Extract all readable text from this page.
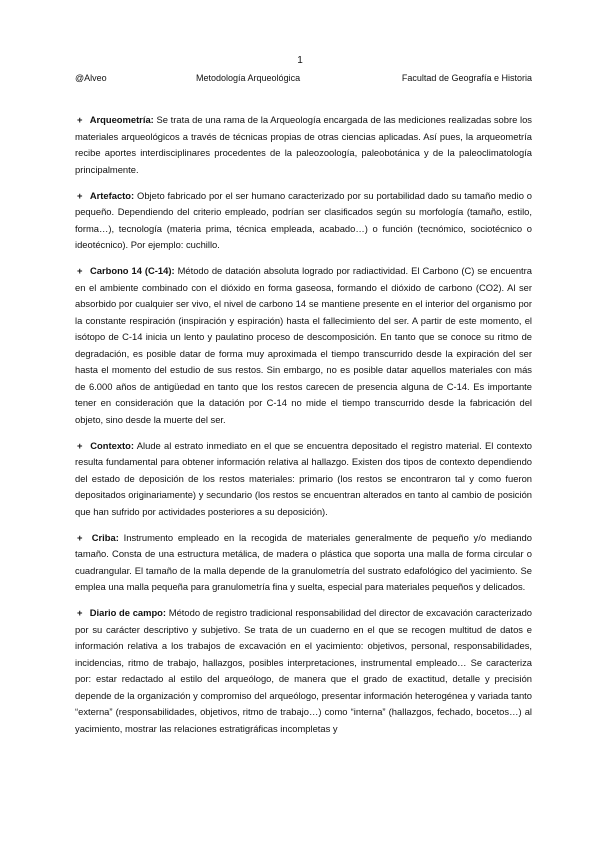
1
@Alveo	Metodología Arqueológica	Facultad de Geografía e Historia

+ Arqueometría: Se trata de una rama de la Arqueología encargada de las mediciones realizadas sobre los materiales arqueológicos a través de técnicas propias de otras ciencias aplicadas. Así pues, la arqueometría recibe aportes interdisciplinares procedentes de la paleozoología, paleobotánica y de la paleoclimatología principalmente.

+ Artefacto: Objeto fabricado por el ser humano caracterizado por su portabilidad dado su tamaño medio o pequeño. Dependiendo del criterio empleado, podrían ser clasificados según su morfología (tamaño, estilo, forma…), tecnología (materia prima, técnica empleada, acabado…) o función (tecnómico, sociotécnico o ideotécnico). Por ejemplo: cuchillo.

+ Carbono 14 (C-14): Método de datación absoluta logrado por radiactividad. El Carbono (C) se encuentra en el ambiente combinado con el dióxido en forma gaseosa, formando el dióxido de carbono (CO2). Al ser absorbido por cualquier ser vivo, el nivel de carbono 14 se mantiene presente en el interior del organismo por la constante respiración (inspiración y espiración) hasta el fallecimiento del ser. A partir de este momento, el isótopo de C-14 inicia un lento y paulatino proceso de descomposición. En tanto que se conoce su ritmo de degradación, es posible datar de forma muy aproximada el tiempo transcurrido desde la expiración del ser hasta el momento del estudio de sus restos. Sin embargo, no es posible datar aquellos materiales con más de 6.000 años de antigüedad en tanto que los restos carecen de presencia alguna de C-14. Es importante tener en consideración que la datación por C-14 no mide el tiempo transcurrido desde la fabricación del objeto, sino desde la muerte del ser.

+ Contexto: Alude al estrato inmediato en el que se encuentra depositado el registro material. El contexto resulta fundamental para obtener información relativa al hallazgo. Existen dos tipos de contexto dependiendo del estado de deposición de los restos materiales: primario (los restos se encontraron tal y como fueron depositados originariamente) y secundario (los restos se encuentran alterados en tanto al cambio de posición que han sufrido por actividades posteriores a su deposición).

+ Criba: Instrumento empleado en la recogida de materiales generalmente de pequeño y/o mediando tamaño. Consta de una estructura metálica, de madera o plástica que soporta una malla de forma circular o cuadrangular. El tamaño de la malla depende de la granulometría del sustrato edafológico del yacimiento. Se emplea una malla pequeña para granulometría fina y suelta, especial para materiales pequeños y delicados.

+ Diario de campo: Método de registro tradicional responsabilidad del director de excavación caracterizado por su carácter descriptivo y subjetivo. Se trata de un cuaderno en el que se recogen multitud de datos e información relativa a los trabajos de excavación en el yacimiento: objetivos, personal, responsabilidades, incidencias, ritmo de trabajo, hallazgos, posibles interpretaciones, instrumental empleado… Se caracteriza por: estar redactado al estilo del arqueólogo, de manera que el grado de exactitud, detalle y precisión depende de la organización y compromiso del arqueólogo, presentar información heterogénea y variada tanto “externa” (responsabilidades, objetivos, ritmo de trabajo…) como “interna” (hallazgos, fechado, bocetos…) al yacimiento, mostrar las relaciones estratigráficas incompletas y
